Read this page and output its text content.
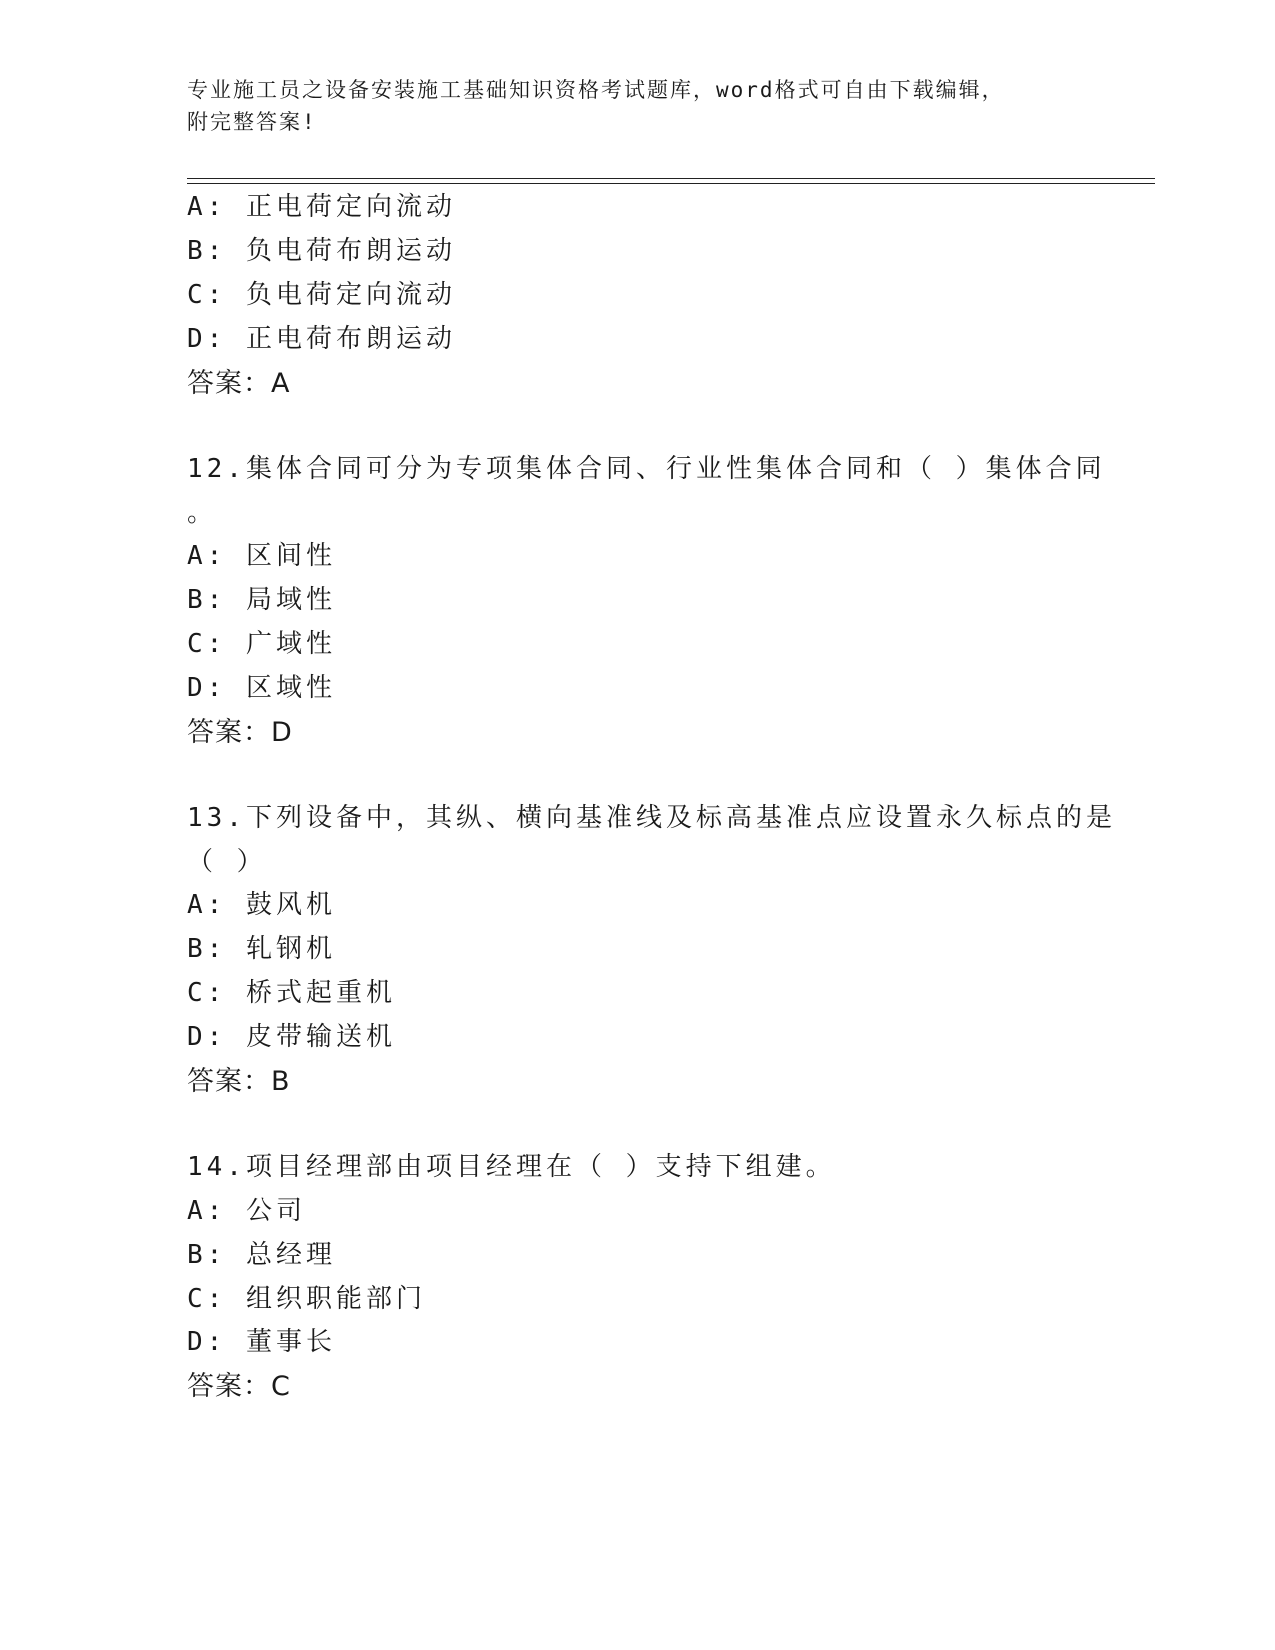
专业施工员之设备安装施工基础知识资格考试题库，word格式可自由下载编辑，
附完整答案!
A: 正电荷定向流动
B: 负电荷布朗运动
C: 负电荷定向流动
D: 正电荷布朗运动
答案：A
12.集体合同可分为专项集体合同、行业性集体合同和（ ）集体合同
。
A: 区间性
B: 局域性
C: 广域性
D: 区域性
答案：D
13.下列设备中，其纵、横向基准线及标高基准点应设置永久标点的是
（ ）
A: 鼓风机
B: 轧钢机
C: 桥式起重机
D: 皮带输送机
答案：B
14.项目经理部由项目经理在（ ）支持下组建。
A: 公司
B: 总经理
C: 组织职能部门
D: 董事长
答案：C
